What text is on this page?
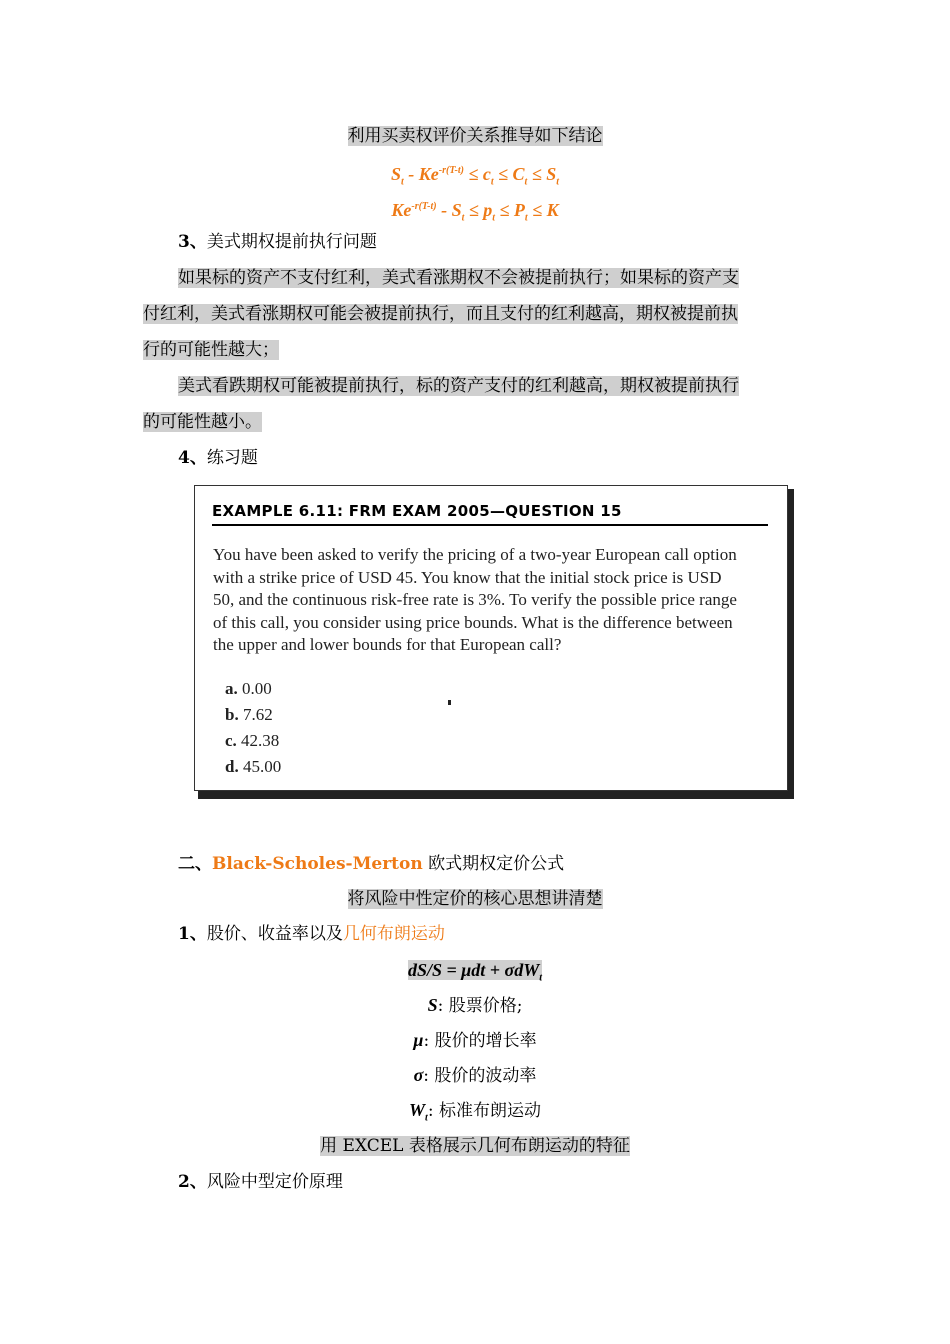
利用买卖权评价关系推导如下结论
$S_t - Ke^{-r(T-t)} \le c_t \le C_t \le S_t$
$Ke^{-r(T-t)} - S_t \le p_t \le P_t \le K$
3、美式期权提前执行问题
如果标的资产不支付红利，美式看涨期权不会被提前执行；如果标的资产支
付红利，美式看涨期权可能会被提前执行，而且支付的红利越高，期权被提前执
行的可能性越大；
美式看跌期权可能被提前执行，标的资产支付的红利越高，期权被提前执行
的可能性越小。
4、练习题
EXAMPLE 6.11: FRM EXAM 2005—QUESTION 15
You have been asked to verify the pricing of a two-year European call option
with a strike price of USD 45. You know that the initial stock price is USD
50, and the continuous risk-free rate is 3%. To verify the possible price range
of this call, you consider using price bounds. What is the difference between
the upper and lower bounds for that European call?
a. 0.00
b. 7.62
c. 42.38
d. 45.00
二、Black-Scholes-Merton 欧式期权定价公式
将风险中性定价的核心思想讲清楚
1、股价、收益率以及几何布朗运动
dS/S = μdt + σdW$_t$
S: 股票价格;
μ: 股价的增长率
σ: 股价的波动率
$W_t$: 标准布朗运动
用 EXCEL 表格展示几何布朗运动的特征
2、风险中型定价原理
